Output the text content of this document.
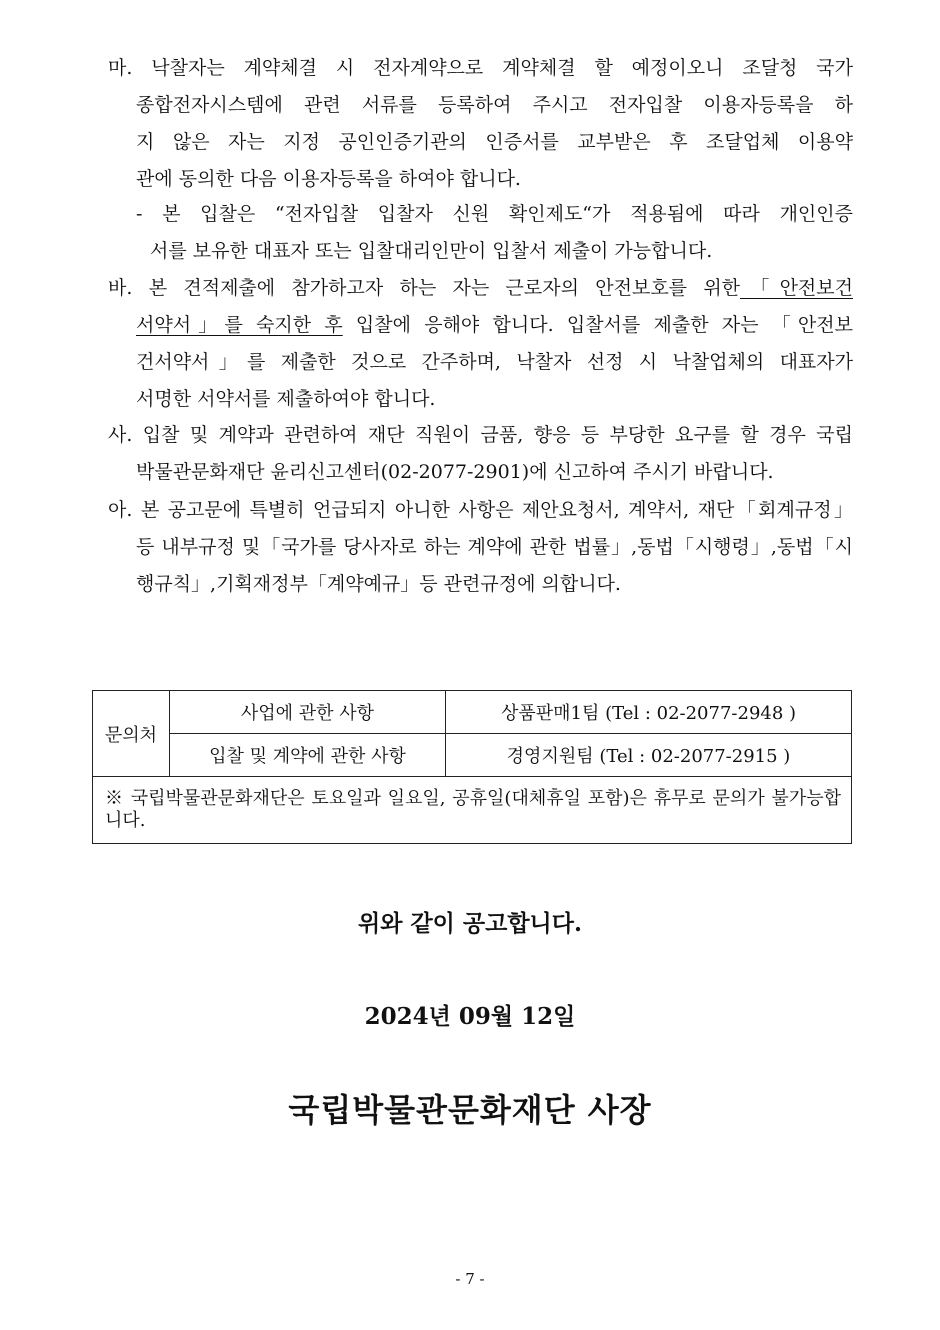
마. 낙찰자는 계약체결 시 전자계약으로 계약체결 할 예정이오니 조달청 국가
종합전자시스템에 관련 서류를 등록하여 주시고 전자입찰 이용자등록을 하
지 않은 자는 지정 공인인증기관의 인증서를 교부받은 후 조달업체 이용약
관에 동의한 다음 이용자등록을 하여야 합니다.
- 본 입찰은 “전자입찰 입찰자 신원 확인제도“가 적용됨에 따라 개인인증
서를 보유한 대표자 또는 입찰대리인만이 입찰서 제출이 가능합니다.
바. 본 견적제출에 참가하고자 하는 자는 근로자의 안전보호를 위한「안전보건
서약서」를 숙지한 후 입찰에 응해야 합니다. 입찰서를 제출한 자는 「안전보
건서약서」를 제출한 것으로 간주하며, 낙찰자 선정 시 낙찰업체의 대표자가
서명한 서약서를 제출하여야 합니다.
사. 입찰 및 계약과 관련하여 재단 직원이 금품, 향응 등 부당한 요구를 할 경우 국립
박물관문화재단 윤리신고센터(02-2077-2901)에 신고하여 주시기 바랍니다.
아. 본 공고문에 특별히 언급되지 아니한 사항은 제안요청서, 계약서, 재단「회계규정」
등 내부규정 및「국가를 당사자로 하는 계약에 관한 법률」,동법「시행령」,동법「시
행규칙」,기획재정부「계약예규」등 관련규정에 의합니다.
문의처	사업에 관한 사항	상품판매1팀 (Tel : 02-2077-2948 )
	입찰 및 계약에 관한 사항	경영지원팀 (Tel : 02-2077-2915 )

※ 국립박물관문화재단은 토요일과 일요일, 공휴일(대체휴일 포함)은 휴무로 문의가 불가능합니다.		
위와 같이 공고합니다.
2024년 09월 12일
국립박물관문화재단 사장
- 7 -
